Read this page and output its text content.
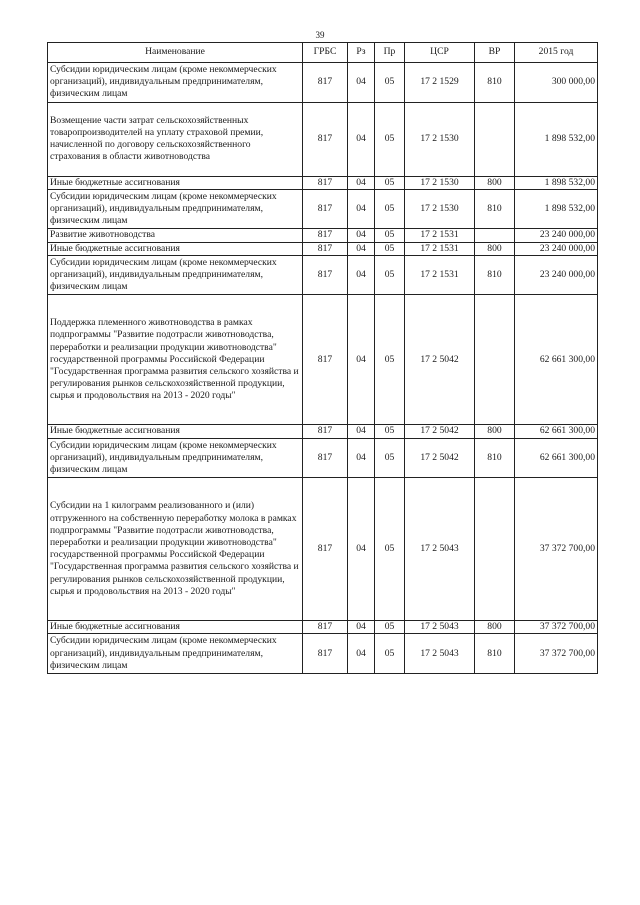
39
Наименование	ГРБС	Рз	Пр	ЦСР	ВР	2015 год
Субсидии юридическим лицам (кроме некоммерческих организаций), индивидуальным предпринимателям, физическим лицам	817	04	05	17 2 1529	810	300 000,00
Возмещение части затрат сельскохозяйственных товаропроизводителей на уплату страховой премии, начисленной по договору сельскохозяйственного страхования в области животноводства	817	04	05	17 2 1530		1 898 532,00
Иные бюджетные ассигнования	817	04	05	17 2 1530	800	1 898 532,00
Субсидии юридическим лицам (кроме некоммерческих организаций), индивидуальным предпринимателям, физическим лицам	817	04	05	17 2 1530	810	1 898 532,00
Развитие животноводства	817	04	05	17 2 1531		23 240 000,00
Иные бюджетные ассигнования	817	04	05	17 2 1531	800	23 240 000,00
Субсидии юридическим лицам (кроме некоммерческих организаций), индивидуальным предпринимателям, физическим лицам	817	04	05	17 2 1531	810	23 240 000,00
Поддержка племенного животноводства в рамках подпрограммы "Развитие подотрасли животноводства, переработки и реализации продукции животноводства" государственной программы Российской Федерации "Государственная программа развития сельского хозяйства и регулирования рынков сельскохозяйственной продукции, сырья и продовольствия на 2013 - 2020 годы"	817	04	05	17 2 5042		62 661 300,00
Иные бюджетные ассигнования	817	04	05	17 2 5042	800	62 661 300,00
Субсидии юридическим лицам (кроме некоммерческих организаций), индивидуальным предпринимателям, физическим лицам	817	04	05	17 2 5042	810	62 661 300,00
Субсидии на 1 килограмм реализованного и (или) отгруженного на собственную переработку молока в рамках подпрограммы "Развитие подотрасли животноводства, переработки и реализации продукции животноводства" государственной программы Российской Федерации "Государственная программа развития сельского хозяйства и регулирования рынков сельскохозяйственной продукции, сырья и продовольствия на 2013 - 2020 годы"	817	04	05	17 2 5043		37 372 700,00
Иные бюджетные ассигнования	817	04	05	17 2 5043	800	37 372 700,00
Субсидии юридическим лицам (кроме некоммерческих организаций), индивидуальным предпринимателям, физическим лицам	817	04	05	17 2 5043	810	37 372 700,00
